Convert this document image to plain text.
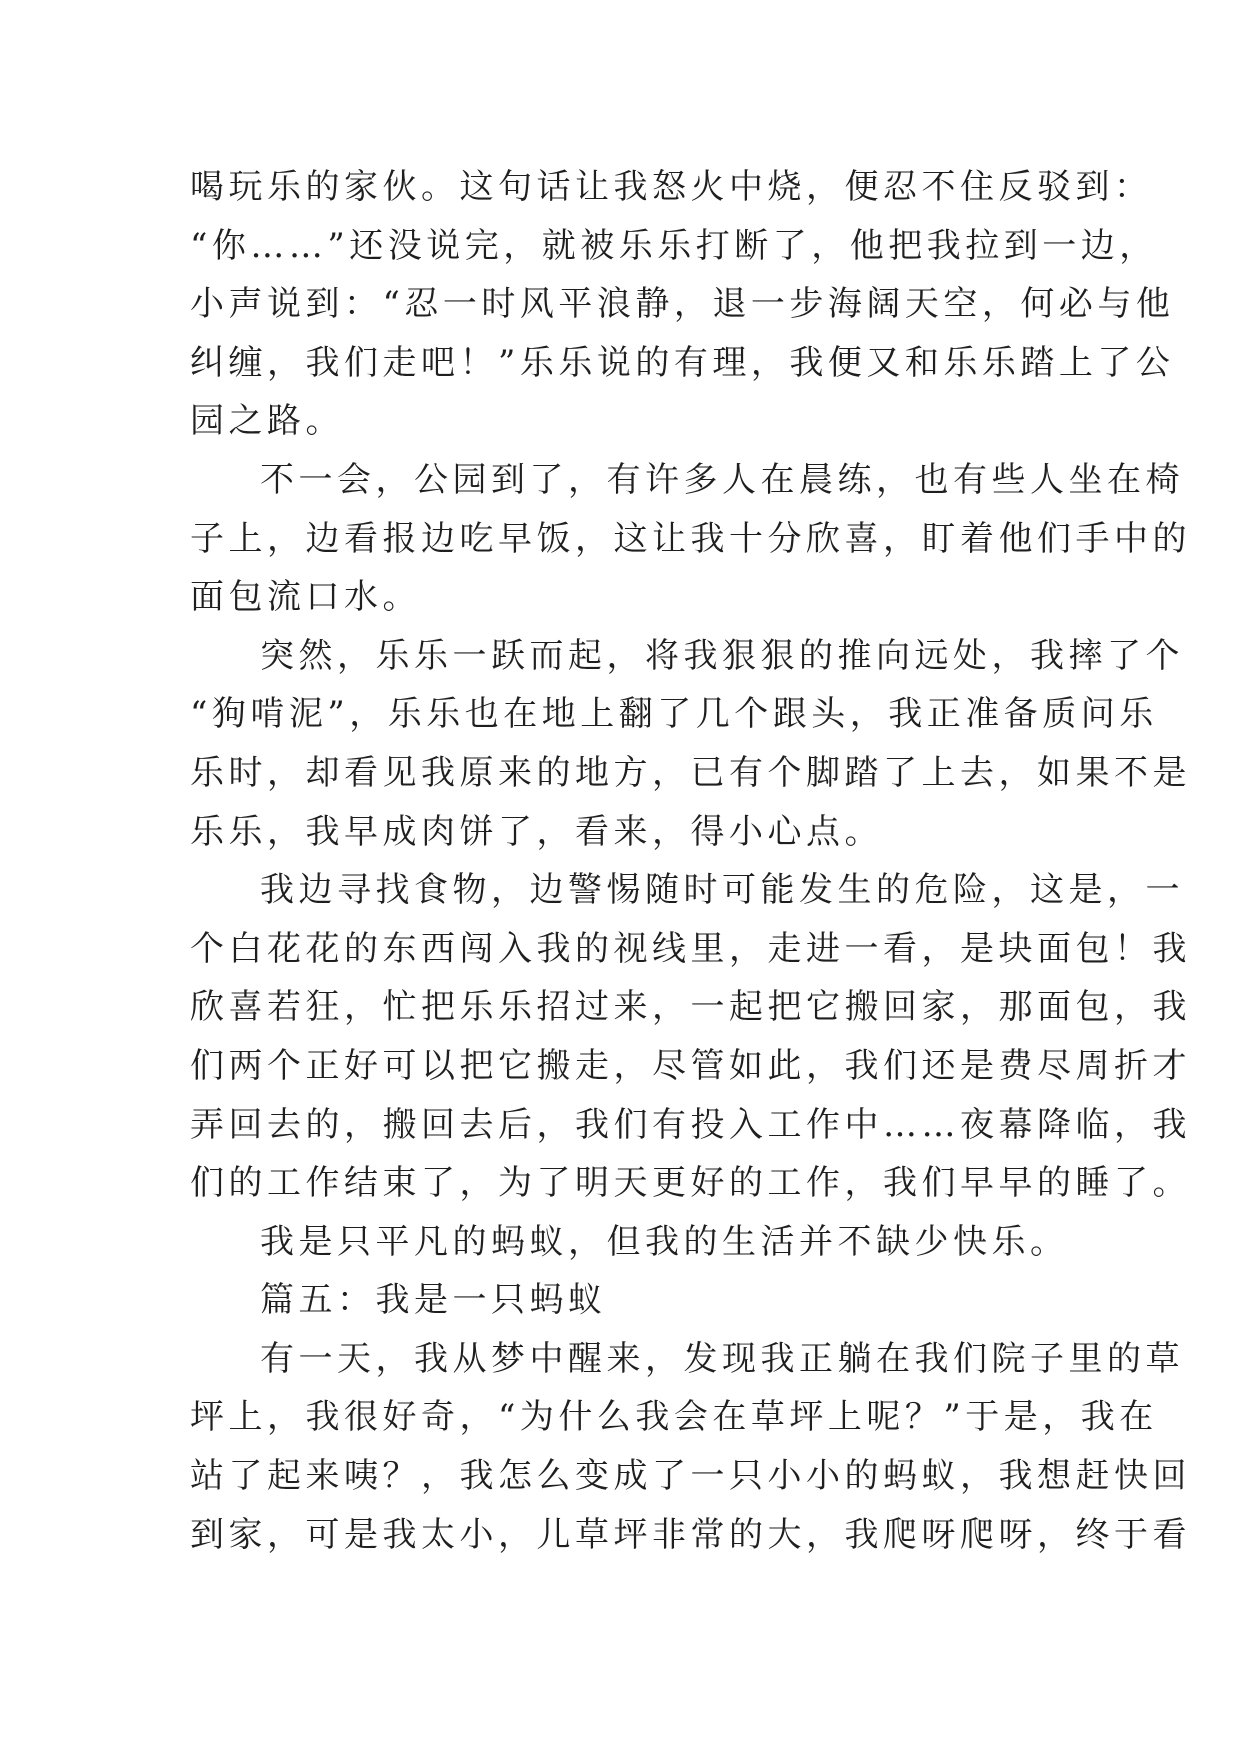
喝玩乐的家伙。这句话让我怒火中烧，便忍不住反驳到：
“你……”还没说完，就被乐乐打断了，他把我拉到一边，
小声说到：“忍一时风平浪静，退一步海阔天空，何必与他
纠缠，我们走吧！”乐乐说的有理，我便又和乐乐踏上了公
园之路。
不一会，公园到了，有许多人在晨练，也有些人坐在椅
子上，边看报边吃早饭，这让我十分欣喜，盯着他们手中的
面包流口水。
突然，乐乐一跃而起，将我狠狠的推向远处，我摔了个
“狗啃泥”，乐乐也在地上翻了几个跟头，我正准备质问乐
乐时，却看见我原来的地方，已有个脚踏了上去，如果不是
乐乐，我早成肉饼了，看来，得小心点。
我边寻找食物，边警惕随时可能发生的危险，这是，一
个白花花的东西闯入我的视线里，走进一看，是块面包！我
欣喜若狂，忙把乐乐招过来，一起把它搬回家，那面包，我
们两个正好可以把它搬走，尽管如此，我们还是费尽周折才
弄回去的，搬回去后，我们有投入工作中……夜幕降临，我
们的工作结束了，为了明天更好的工作，我们早早的睡了。
我是只平凡的蚂蚁，但我的生活并不缺少快乐。
篇五：我是一只蚂蚁
有一天，我从梦中醒来，发现我正躺在我们院子里的草
坪上，我很好奇，“为什么我会在草坪上呢？”于是，我在
站了起来咦？，我怎么变成了一只小小的蚂蚁，我想赶快回
到家，可是我太小，儿草坪非常的大，我爬呀爬呀，终于看
